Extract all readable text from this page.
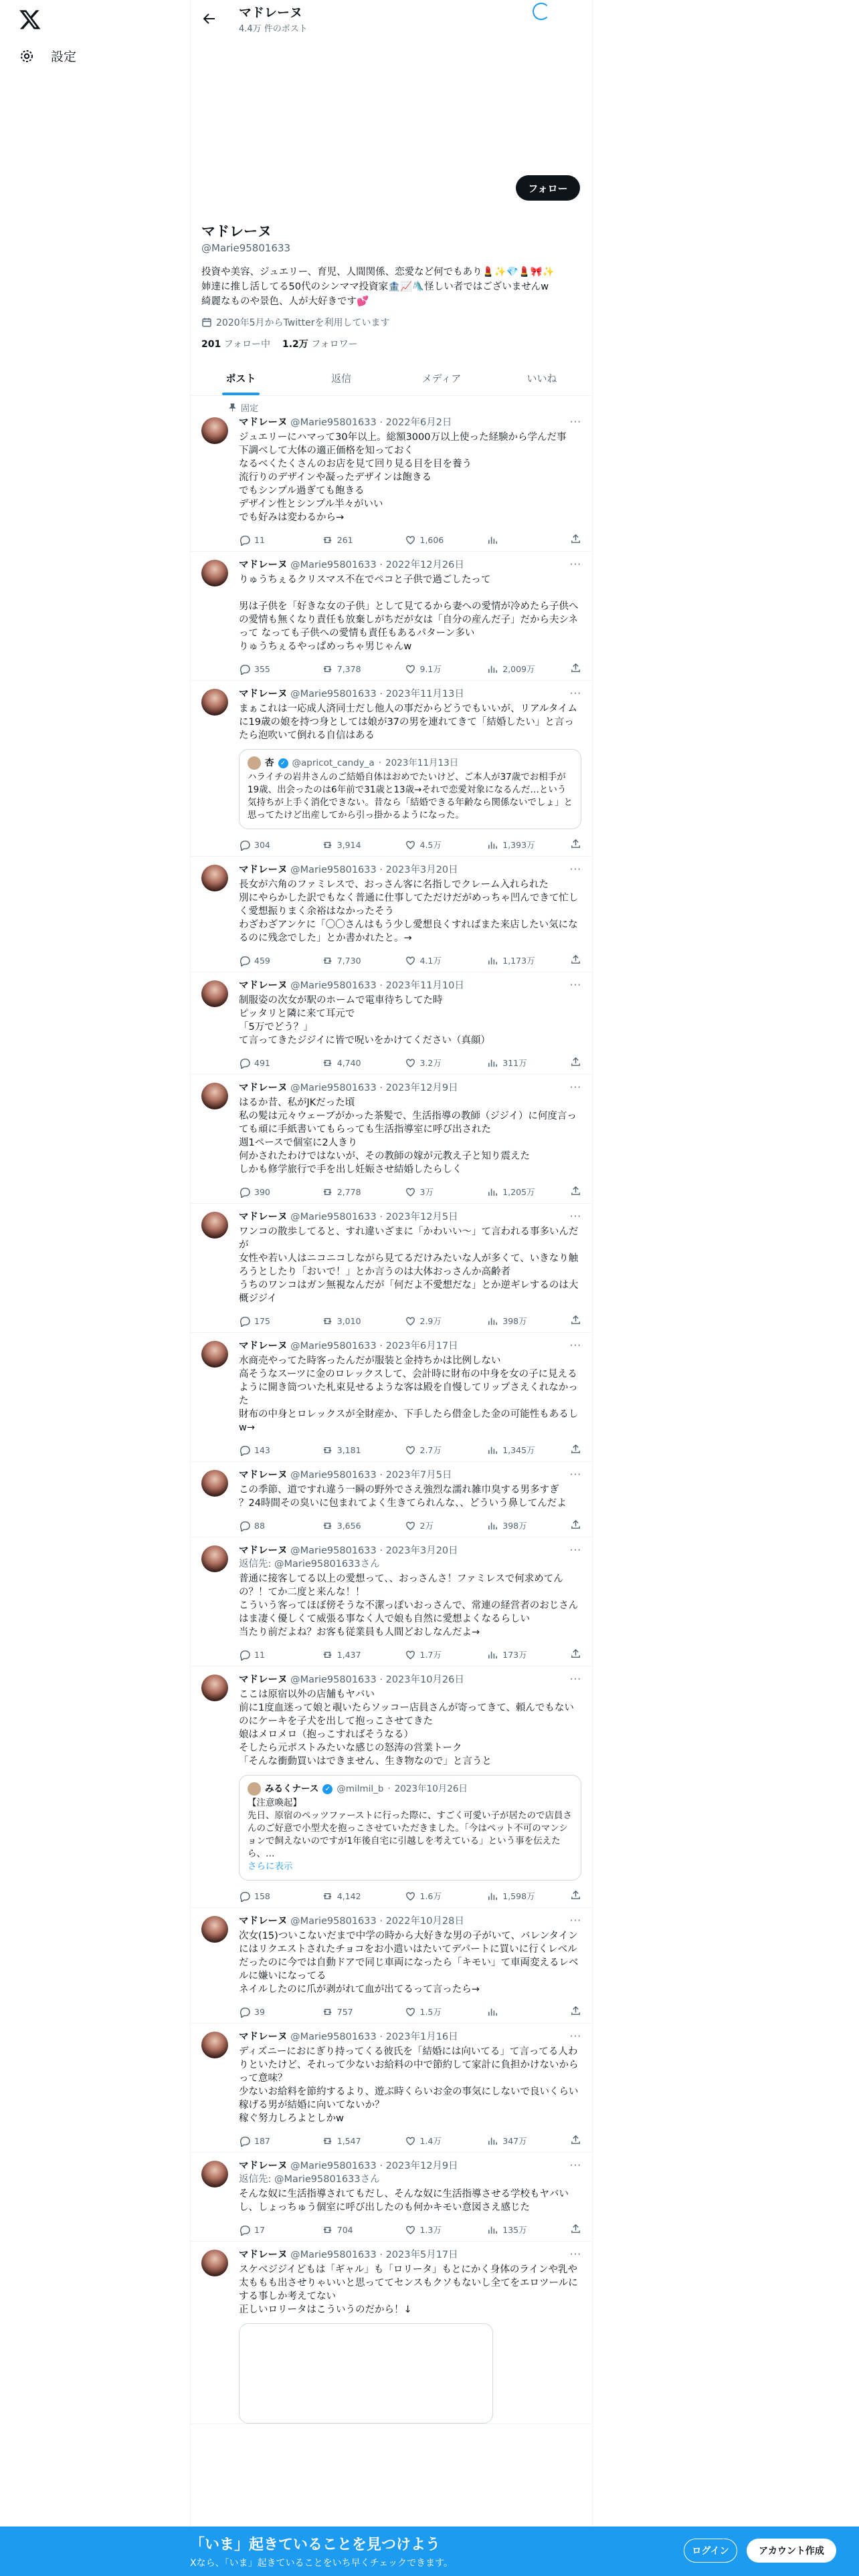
設定
マドレーヌ
4.4万 件のポスト
フォロー
マドレーヌ
@Marie95801633
投資や美容、ジュエリー、育児、人間関係、恋愛など何でもあり💄✨💎💄🎀✨
姉達に推し活してる50代のシンママ投資家🏦📈🛝怪しい者ではございませんw
綺麗なものや景色、人が大好きです💕
2020年5月からTwitterを利用しています
201 フォロー中 1.2万 フォロワー
ポスト	返信	メディア	いいね
固定
···
マドレーヌ @Marie95801633 · 2022年6月2日
ジュエリーにハマって30年以上。総額3000万以上使った経験から学んだ事
下調べして大体の適正価格を知っておく
なるべくたくさんのお店を見て回り見る目を目を養う
流行りのデザインや凝ったデザインは飽きる
でもシンプル過ぎても飽きる
デザイン性とシンプル半々がいい
でも好みは変わるから→
11	261	1,606
···
マドレーヌ @Marie95801633 · 2022年12月26日
りゅうちぇるクリスマス不在でペコと子供で過ごしたって

男は子供を「好きな女の子供」として見てるから妻への愛情が冷めたら子供への愛情も無くなり責任も放棄しがちだが女は「自分の産んだ子」だから夫シネって なっても子供への愛情も責任もあるパターン多い
りゅうちぇるやっぱめっちゃ男じゃんw
355	7,378	9.1万	2,009万
···
マドレーヌ @Marie95801633 · 2023年11月13日
まぁこれは一応成人済同士だし他人の事だからどうでもいいが、リアルタイムに19歳の娘を持つ身としては娘が37の男を連れてきて「結婚したい」と言ったら泡吹いて倒れる自信はある
杏 ✓ @apricot_candy_a · 2023年11月13日
ハライチの岩井さんのご結婚自体はおめでたいけど、ご本人が37歳でお相手が19歳、出会ったのは6年前で31歳と13歳→それで恋愛対象になるんだ…という気持ちが上手く消化できない。昔なら「結婚できる年齢なら関係ないでしょ」と思ってたけど出産してから引っ掛かるようになった。
304	3,914	4.5万	1,393万
···
マドレーヌ @Marie95801633 · 2023年3月20日
長女が六角のファミレスで、おっさん客に名指しでクレーム入れられた
別にやらかした訳でもなく普通に仕事してただけだがめっちゃ凹んできて忙しく愛想振りまく余裕はなかったそう
わざわざアンケに「〇〇さんはもう少し愛想良くすればまた来店したい気になるのに残念でした」とか書かれたと。→
459	7,730	4.1万	1,173万
···
マドレーヌ @Marie95801633 · 2023年11月10日
制服姿の次女が駅のホームで電車待ちしてた時
ピッタリと隣に来て耳元で
「5万でどう？」
て言ってきたジジイに皆で呪いをかけてください（真顔）
491	4,740	3.2万	311万
···
マドレーヌ @Marie95801633 · 2023年12月9日
はるか昔、私がJKだった頃
私の髪は元々ウェーブがかった茶髪で、生活指導の教師（ジジイ）に何度言っても頑に手紙書いてもらっても生活指導室に呼び出された
週1ペースで個室に2人きり
何かされたわけではないが、その教師の嫁が元教え子と知り震えた
しかも修学旅行で手を出し妊娠させ結婚したらしく
390	2,778	3万	1,205万
···
マドレーヌ @Marie95801633 · 2023年12月5日
ワンコの散歩してると、すれ違いざまに「かわいい〜」て言われる事多いんだが
女性や若い人はニコニコしながら見てるだけみたいな人が多くて、いきなり触ろうとしたり「おいで！」とか言うのは大体おっさんか高齢者
うちのワンコはガン無視なんだが「何だよ不愛想だな」とか逆ギレするのは大概ジジイ
175	3,010	2.9万	398万
···
マドレーヌ @Marie95801633 · 2023年6月17日
水商売やってた時客ったんだが服装と金持ちかは比例しない
高そうなスーツに金のロレックスして、会計時に財布の中身を女の子に見えるように開き筒ついた札束見せるような客は殿を自慢してリップさえくれなかった
財布の中身とロレックスが全財産か、下手したら借金した金の可能性もあるしw→
143	3,181	2.7万	1,345万
···
マドレーヌ @Marie95801633 · 2023年7月5日
この季節、道ですれ違う一瞬の野外でさえ強烈な濡れ雑巾臭する男多すぎ
？24時間その臭いに包まれてよく生きてられんな、、どういう鼻してんだよ
88	3,656	2万	398万
···
マドレーヌ @Marie95801633 · 2023年3月20日
返信先: @Marie95801633さん
普通に接客してる以上の愛想って、、おっさんさ！ファミレスで何求めてんの？！てか二度と来んな！！
こういう客ってほぼ傍そうな不潔っぽいおっさんで、常連の経営者のおじさんはま凄く優しくて威張る事なく人で娘も自然に愛想よくなるらしい
当たり前だよね？お客も従業員も人間どおしなんだよ→
11	1,437	1.7万	173万
···
マドレーヌ @Marie95801633 · 2023年10月26日
ここは原宿以外の店舗もヤバい
前に1度血迷って娘と覗いたらソッコー店員さんが寄ってきて、頼んでもないのにケーキを子犬を出して抱っこさせてきた
娘はメロメロ（抱っこすればそうなる）
そしたら元ポストみたいな感じの怒涛の営業トーク
「そんな衝動買いはできません、生き物なので」と言うと
みるくナース ✓ @milmil_b · 2023年10月26日
【注意喚起】
先日、原宿のペッツファーストに行った際に、すごく可愛い子が居たので店員さんのご好意で小型犬を抱っこさせていただきました。「今はペット不可のマンションで飼えないのですが1年後自宅に引越しを考えている」という事を伝えたら、…
さらに表示
158	4,142	1.6万	1,598万
···
マドレーヌ @Marie95801633 · 2022年10月28日
次女(15)ついこないだまで中学の時から大好きな男の子がいて、バレンタインにはリクエストされたチョコをお小遣いはたいてデパートに買いに行くレベルだったのに今では自動ドアで同じ車両になったら「キモい」て車両変えるレベルに嫌いになってる
ネイルしたのに爪が剥がれて血が出てるって言ったら→
39	757	1.5万
···
マドレーヌ @Marie95801633 · 2023年1月16日
ディズニーにおにぎり持ってくる彼氏を「結婚には向いてる」て言ってる人わりといたけど、それって少ないお給料の中で節約して家計に負担かけないからって意味？
少ないお給料を節約するより、遊ぶ時くらいお金の事気にしないで良いくらい稼げる男が結婚に向いてないか？
稼ぐ努力しろよとしかw
187	1,547	1.4万	347万
···
マドレーヌ @Marie95801633 · 2023年12月9日
返信先: @Marie95801633さん
そんな奴に生活指導されてもだし、そんな奴に生活指導させる学校もヤバいし、しょっちゅう個室に呼び出したのも何かキモい意図さえ感じた
17	704	1.3万	135万
···
マドレーヌ @Marie95801633 · 2023年5月17日
スケベジジイどもは「ギャル」も「ロリータ」もとにかく身体のラインや乳や太ももも出させりゃいいと思っててセンスもクソもないし全てをエロツールにする事しか考えてない
正しいロリータはこういうのだから！↓
「いま」起きていることを見つけよう
Xなら、「いま」起きていることをいち早くチェックできます。
ログイン	アカウント作成
